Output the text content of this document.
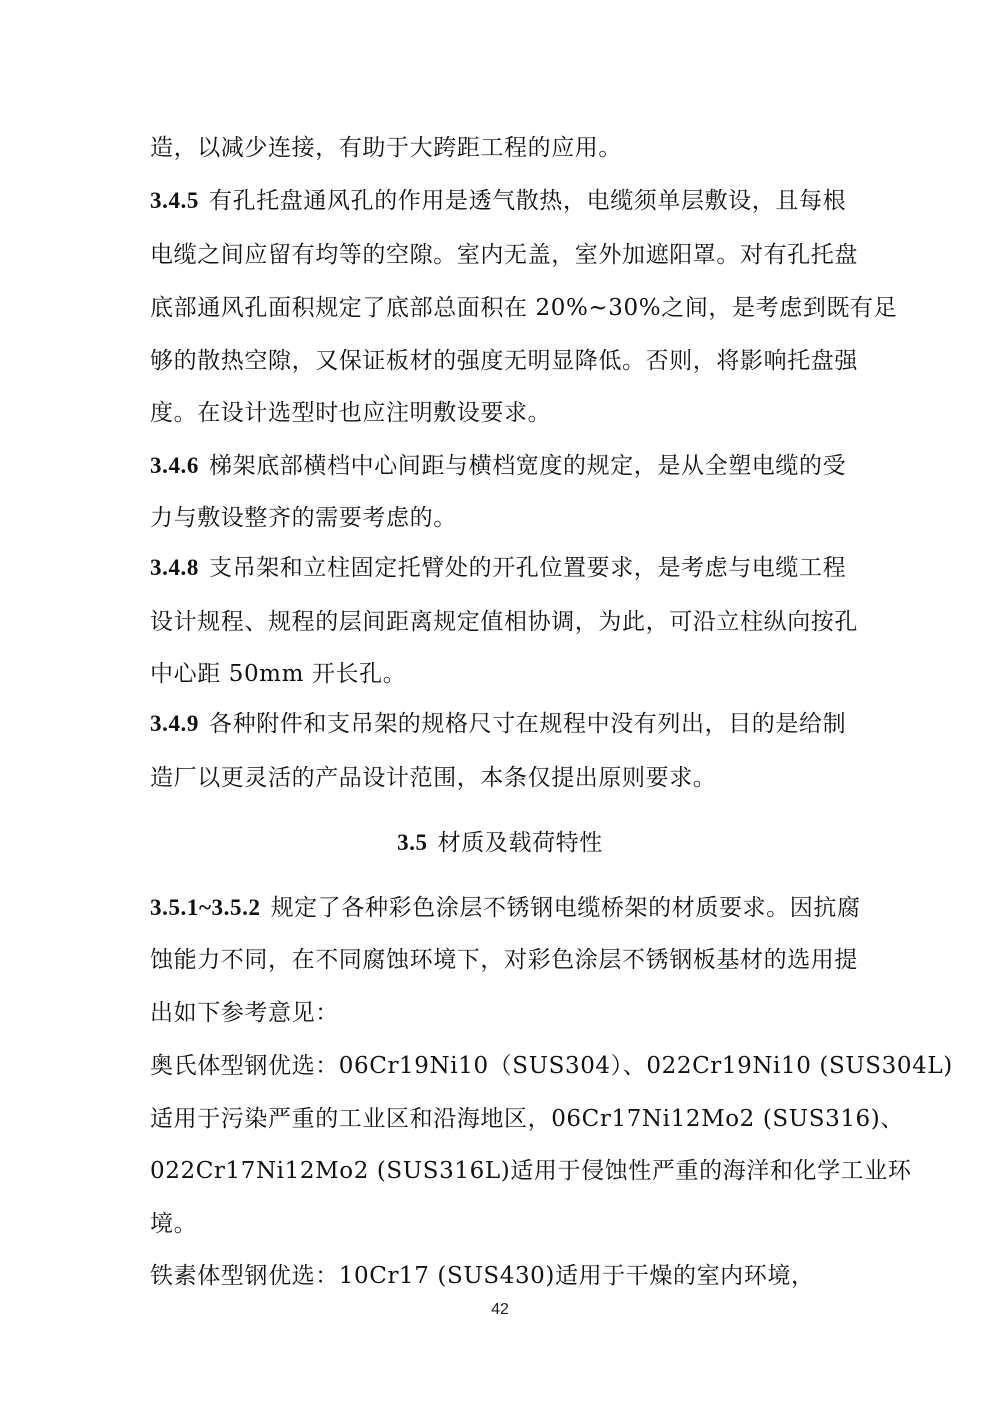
造，以减少连接，有助于大跨距工程的应用。
3.4.5 有孔托盘通风孔的作用是透气散热，电缆须单层敷设，且每根
电缆之间应留有均等的空隙。室内无盖，室外加遮阳罩。对有孔托盘
底部通风孔面积规定了底部总面积在 20%~30%之间，是考虑到既有足
够的散热空隙，又保证板材的强度无明显降低。否则，将影响托盘强
度。在设计选型时也应注明敷设要求。
3.4.6 梯架底部横档中心间距与横档宽度的规定，是从全塑电缆的受
力与敷设整齐的需要考虑的。
3.4.8 支吊架和立柱固定托臂处的开孔位置要求，是考虑与电缆工程
设计规程、规程的层间距离规定值相协调，为此，可沿立柱纵向按孔
中心距 50mm 开长孔。
3.4.9 各种附件和支吊架的规格尺寸在规程中没有列出，目的是给制
造厂以更灵活的产品设计范围，本条仅提出原则要求。
3.5 材质及载荷特性
3.5.1~3.5.2 规定了各种彩色涂层不锈钢电缆桥架的材质要求。因抗腐
蚀能力不同，在不同腐蚀环境下，对彩色涂层不锈钢板基材的选用提
出如下参考意见：
奥氏体型钢优选：06Cr19Ni10（SUS304）、022Cr19Ni10 (SUS304L)
适用于污染严重的工业区和沿海地区，06Cr17Ni12Mo2 (SUS316)、
022Cr17Ni12Mo2 (SUS316L)适用于侵蚀性严重的海洋和化学工业环
境。
铁素体型钢优选：10Cr17 (SUS430)适用于干燥的室内环境，
42
